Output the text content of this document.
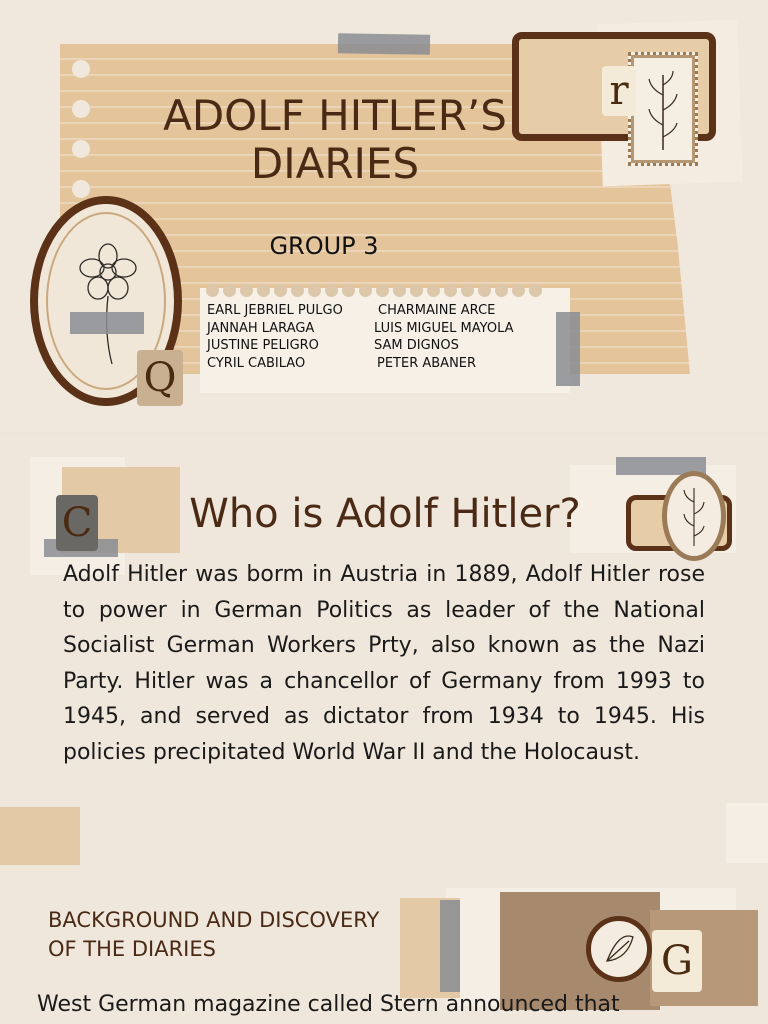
r
Q
ADOLF HITLER’S DIARIES
GROUP 3
EARL JEBRIEL PULGO
JANNAH LARAGA
JUSTINE PELIGRO
CYRIL CABILAO
CHARMAINE ARCE
LUIS MIGUEL MAYOLA
SAM DIGNOS
PETER ABANER
C	Who is Adolf Hitler?
Adolf Hitler was borm in Austria in 1889, Adolf Hitler rose to power in German Politics as leader of the National Socialist German Workers Prty, also known as the Nazi Party. Hitler was a chancellor of Germany from 1993 to 1945, and served as dictator from 1934 to 1945. His policies precipitated World War II and the Holocaust.
G
BACKGROUND AND DISCOVERY OF THE DIARIES
West German magazine called Stern announced that
